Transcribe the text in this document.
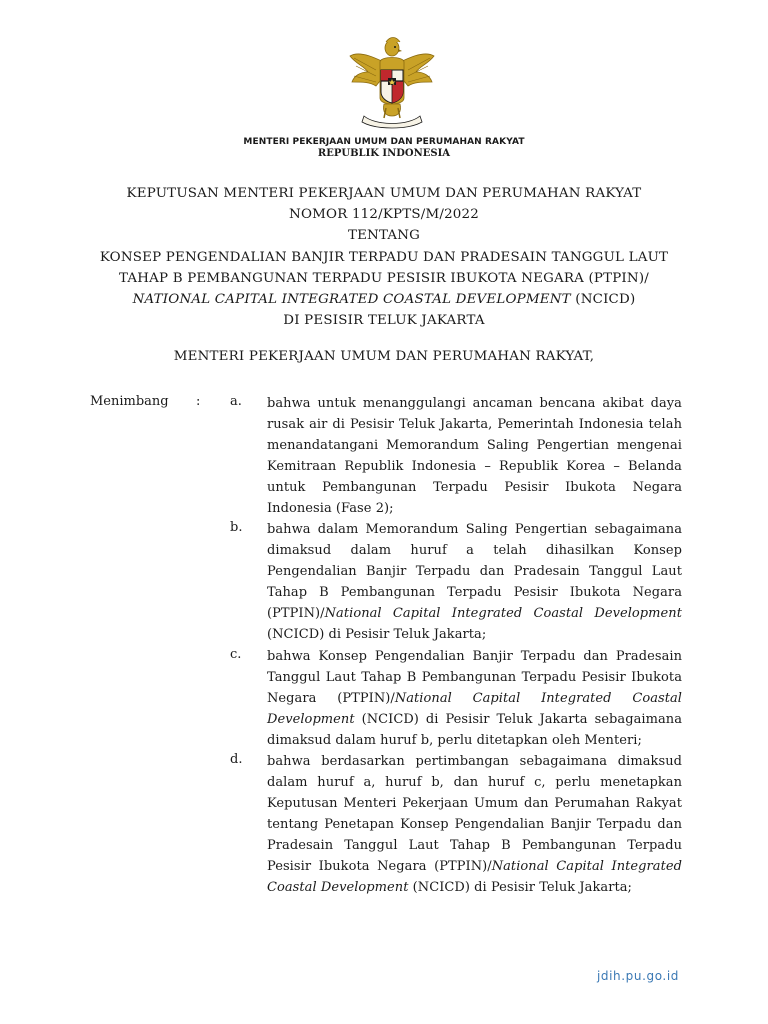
MENTERI PEKERJAAN UMUM DAN PERUMAHAN RAKYAT
REPUBLIK INDONESIA
KEPUTUSAN MENTERI PEKERJAAN UMUM DAN PERUMAHAN RAKYAT
NOMOR 112/KPTS/M/2022
TENTANG
KONSEP PENGENDALIAN BANJIR TERPADU DAN PRADESAIN TANGGUL LAUT
TAHAP B PEMBANGUNAN TERPADU PESISIR IBUKOTA NEGARA (PTPIN)/
NATIONAL CAPITAL INTEGRATED COASTAL DEVELOPMENT (NCICD)
DI PESISIR TELUK JAKARTA
MENTERI PEKERJAAN UMUM DAN PERUMAHAN RAKYAT,
Menimbang : a. bahwa untuk menanggulangi ancaman bencana akibat daya rusak air di Pesisir Teluk Jakarta, Pemerintah Indonesia telah menandatangani Memorandum Saling Pengertian mengenai Kemitraan Republik Indonesia – Republik Korea – Belanda untuk Pembangunan Terpadu Pesisir Ibukota Negara Indonesia (Fase 2);
b. bahwa dalam Memorandum Saling Pengertian sebagaimana dimaksud dalam huruf a telah dihasilkan Konsep Pengendalian Banjir Terpadu dan Pradesain Tanggul Laut Tahap B Pembangunan Terpadu Pesisir Ibukota Negara (PTPIN)/National Capital Integrated Coastal Development (NCICD) di Pesisir Teluk Jakarta;
c. bahwa Konsep Pengendalian Banjir Terpadu dan Pradesain Tanggul Laut Tahap B Pembangunan Terpadu Pesisir Ibukota Negara (PTPIN)/National Capital Integrated Coastal Development (NCICD) di Pesisir Teluk Jakarta sebagaimana dimaksud dalam huruf b, perlu ditetapkan oleh Menteri;
d. bahwa berdasarkan pertimbangan sebagaimana dimaksud dalam huruf a, huruf b, dan huruf c, perlu menetapkan Keputusan Menteri Pekerjaan Umum dan Perumahan Rakyat tentang Penetapan Konsep Pengendalian Banjir Terpadu dan Pradesain Tanggul Laut Tahap B Pembangunan Terpadu Pesisir Ibukota Negara (PTPIN)/National Capital Integrated Coastal Development (NCICD) di Pesisir Teluk Jakarta;
jdih.pu.go.id
